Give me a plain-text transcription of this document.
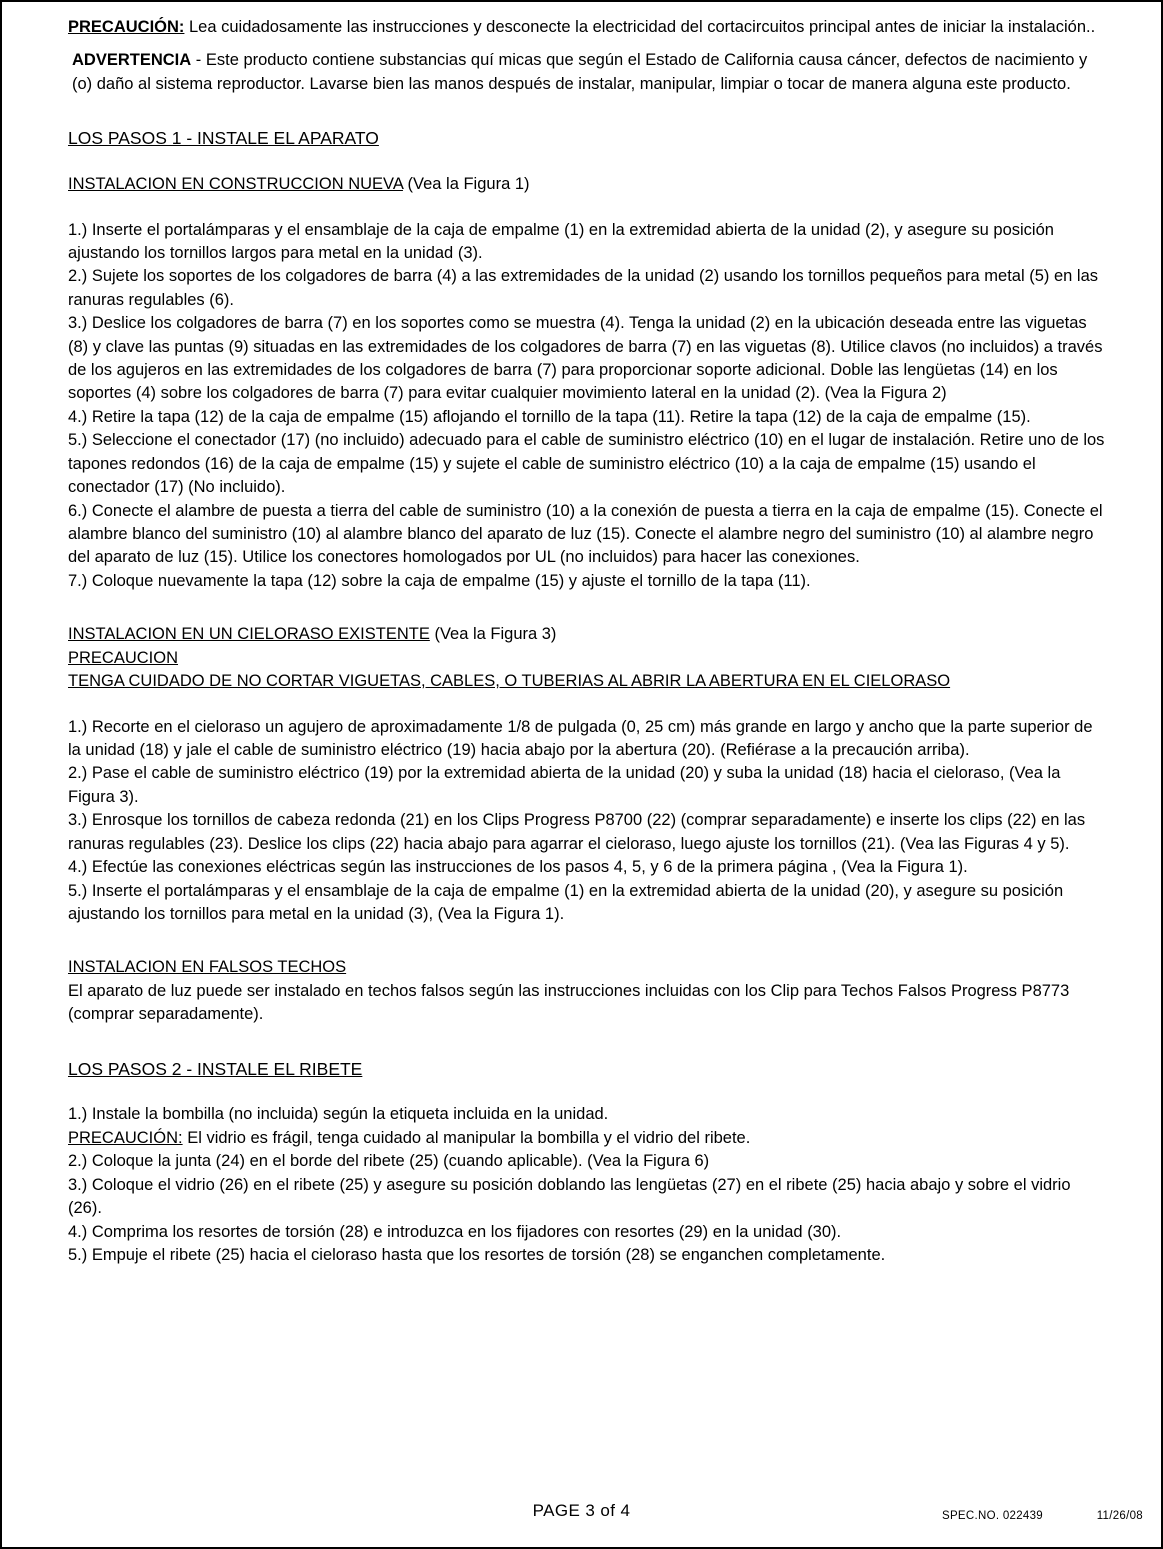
PRECAUCIÓN: Lea cuidadosamente las instrucciones y desconecte la electricidad del cortacircuitos principal antes de iniciar la instalación..
ADVERTENCIA - Este producto contiene substancias quí micas que según el Estado de California causa cáncer, defectos de nacimiento y (o) daño al sistema reproductor. Lavarse bien las manos después de instalar, manipular, limpiar o tocar de manera alguna este producto.
LOS PASOS 1 - INSTALE EL APARATO
INSTALACION EN CONSTRUCCION NUEVA (Vea la Figura 1)
1.) Inserte el portalámparas y el ensamblaje de la caja de empalme (1) en la extremidad abierta de la unidad (2), y asegure su posición ajustando los tornillos largos para metal en la unidad (3).
2.) Sujete los soportes de los colgadores de barra (4) a las extremidades de la unidad (2) usando los tornillos pequeños para metal (5) en las ranuras regulables (6).
3.) Deslice los colgadores de barra (7) en los soportes como se muestra (4). Tenga la unidad (2) en la ubicación deseada entre las viguetas (8) y clave las puntas (9) situadas en las extremidades de los colgadores de barra (7) en las viguetas (8). Utilice clavos (no incluidos) a través de los agujeros en las extremidades de los colgadores de barra (7) para proporcionar soporte adicional. Doble las lengüetas (14) en los soportes (4) sobre los colgadores de barra (7) para evitar cualquier movimiento lateral en la unidad (2). (Vea la Figura 2)
4.) Retire la tapa (12) de la caja de empalme (15) aflojando el tornillo de la tapa (11). Retire la tapa (12) de la caja de empalme (15).
5.) Seleccione el conectador (17) (no incluido) adecuado para el cable de suministro eléctrico (10) en el lugar de instalación. Retire uno de los tapones redondos (16) de la caja de empalme (15) y sujete el cable de suministro eléctrico (10) a la caja de empalme (15) usando el conectador (17) (No incluido).
6.) Conecte el alambre de puesta a tierra del cable de suministro (10) a la conexión de puesta a tierra en la caja de empalme (15). Conecte el alambre blanco del suministro (10) al alambre blanco del aparato de luz (15). Conecte el alambre negro del suministro (10) al alambre negro del aparato de luz (15). Utilice los conectores homologados por UL (no incluidos) para hacer las conexiones.
7.) Coloque nuevamente la tapa (12) sobre la caja de empalme (15) y ajuste el tornillo de la tapa (11).
INSTALACION EN UN CIELORASO EXISTENTE (Vea la Figura 3)
PRECAUCION
TENGA CUIDADO DE NO CORTAR VIGUETAS, CABLES, O TUBERIAS AL ABRIR LA ABERTURA EN EL CIELORASO
1.) Recorte en el cieloraso un agujero de aproximadamente 1/8 de pulgada (0, 25 cm) más grande en largo y ancho que la parte superior de la unidad (18) y jale el cable de suministro eléctrico (19) hacia abajo por la abertura (20). (Refiérase a la precaución arriba).
2.) Pase el cable de suministro eléctrico (19) por la extremidad abierta de la unidad (20) y suba la unidad (18) hacia el cieloraso, (Vea la Figura 3).
3.) Enrosque los tornillos de cabeza redonda (21) en los Clips Progress P8700 (22) (comprar separadamente) e inserte los clips (22) en las ranuras regulables (23). Deslice los clips (22) hacia abajo para agarrar el cieloraso, luego ajuste los tornillos (21). (Vea las Figuras 4 y 5).
4.) Efectúe las conexiones eléctricas según las instrucciones de los pasos 4, 5, y 6 de la primera página , (Vea la Figura 1).
5.) Inserte el portalámparas y el ensamblaje de la caja de empalme (1) en la extremidad abierta de la unidad (20), y asegure su posición ajustando los tornillos para metal en la unidad (3), (Vea la Figura 1).
INSTALACION EN FALSOS TECHOS
El aparato de luz puede ser instalado en techos falsos según las instrucciones incluidas con los Clip para Techos Falsos Progress P8773 (comprar separadamente).
LOS PASOS 2 - INSTALE EL RIBETE
1.) Instale la bombilla (no incluida) según la etiqueta incluida en la unidad.
PRECAUCIÓN: El vidrio es frágil, tenga cuidado al manipular la bombilla y el vidrio del ribete.
2.) Coloque la junta (24) en el borde del ribete (25) (cuando aplicable). (Vea la Figura 6)
3.) Coloque el vidrio (26) en el ribete (25) y asegure su posición doblando las lengüetas (27) en el ribete (25) hacia abajo y sobre el vidrio (26).
4.) Comprima los resortes de torsión (28) e introduzca en los fijadores con resortes (29) en la unidad (30).
5.) Empuje el ribete (25) hacia el cieloraso hasta que los resortes de torsión (28) se enganchen completamente.
PAGE 3 of 4	SPEC.NO. 022439	11/26/08
